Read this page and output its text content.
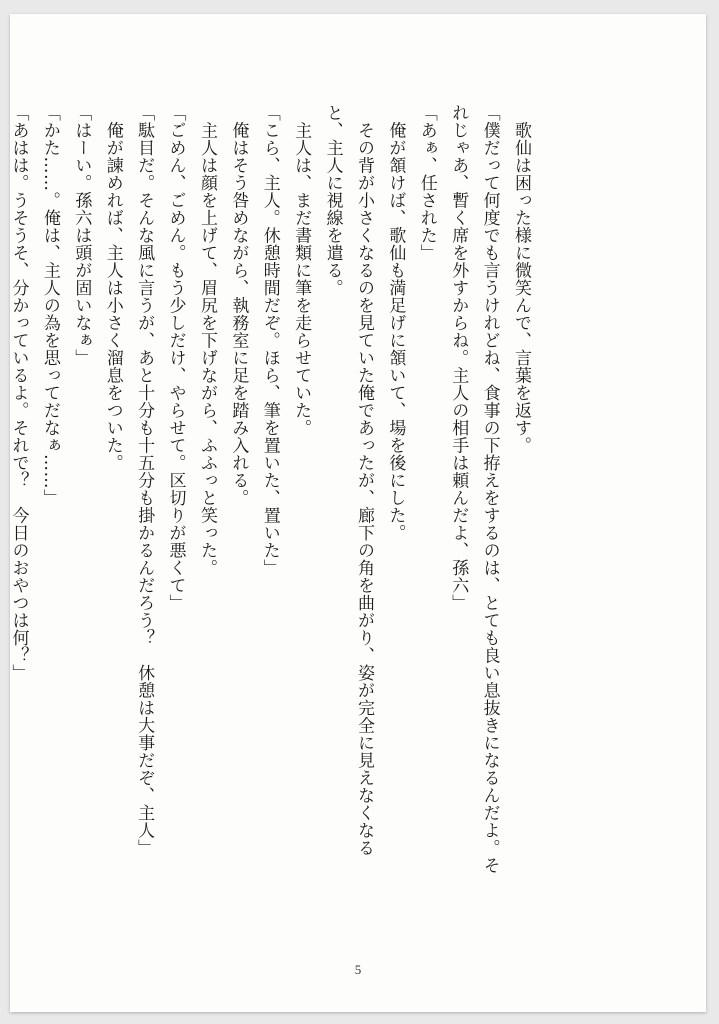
　歌仙は困った様に微笑んで、言葉を返す。
「僕だって何度でも言うけれどね、食事の下拵えをするのは、とても良い息抜きになるんだよ。そ
れじゃあ、暫く席を外すからね。主人の相手は頼んだよ、孫六」
「あぁ、任された」
　俺が頷けば、歌仙も満足げに頷いて、場を後にした。
　その背が小さくなるのを見ていた俺であったが、廊下の角を曲がり、姿が完全に見えなくなる
と、主人に視線を遣る。
　主人は、まだ書類に筆を走らせていた。
「こら、主人。休憩時間だぞ。ほら、筆を置いた、置いた」
　俺はそう咎めながら、執務室に足を踏み入れる。
　主人は顔を上げて、眉尻を下げながら、ふふっと笑った。
「ごめん、ごめん。もう少しだけ、やらせて。区切りが悪くて」
「駄目だ。そんな風に言うが、あと十分も十五分も掛かるんだろう？　休憩は大事だぞ、主人」
　俺が諫めれば、主人は小さく溜息をついた。
「はーい。孫六は頭が固いなぁ」
「かた……。俺は、主人の為を思ってだなぁ……」
「あはは。うそうそ、分かっているよ。それで？　今日のおやつは何？」
5
